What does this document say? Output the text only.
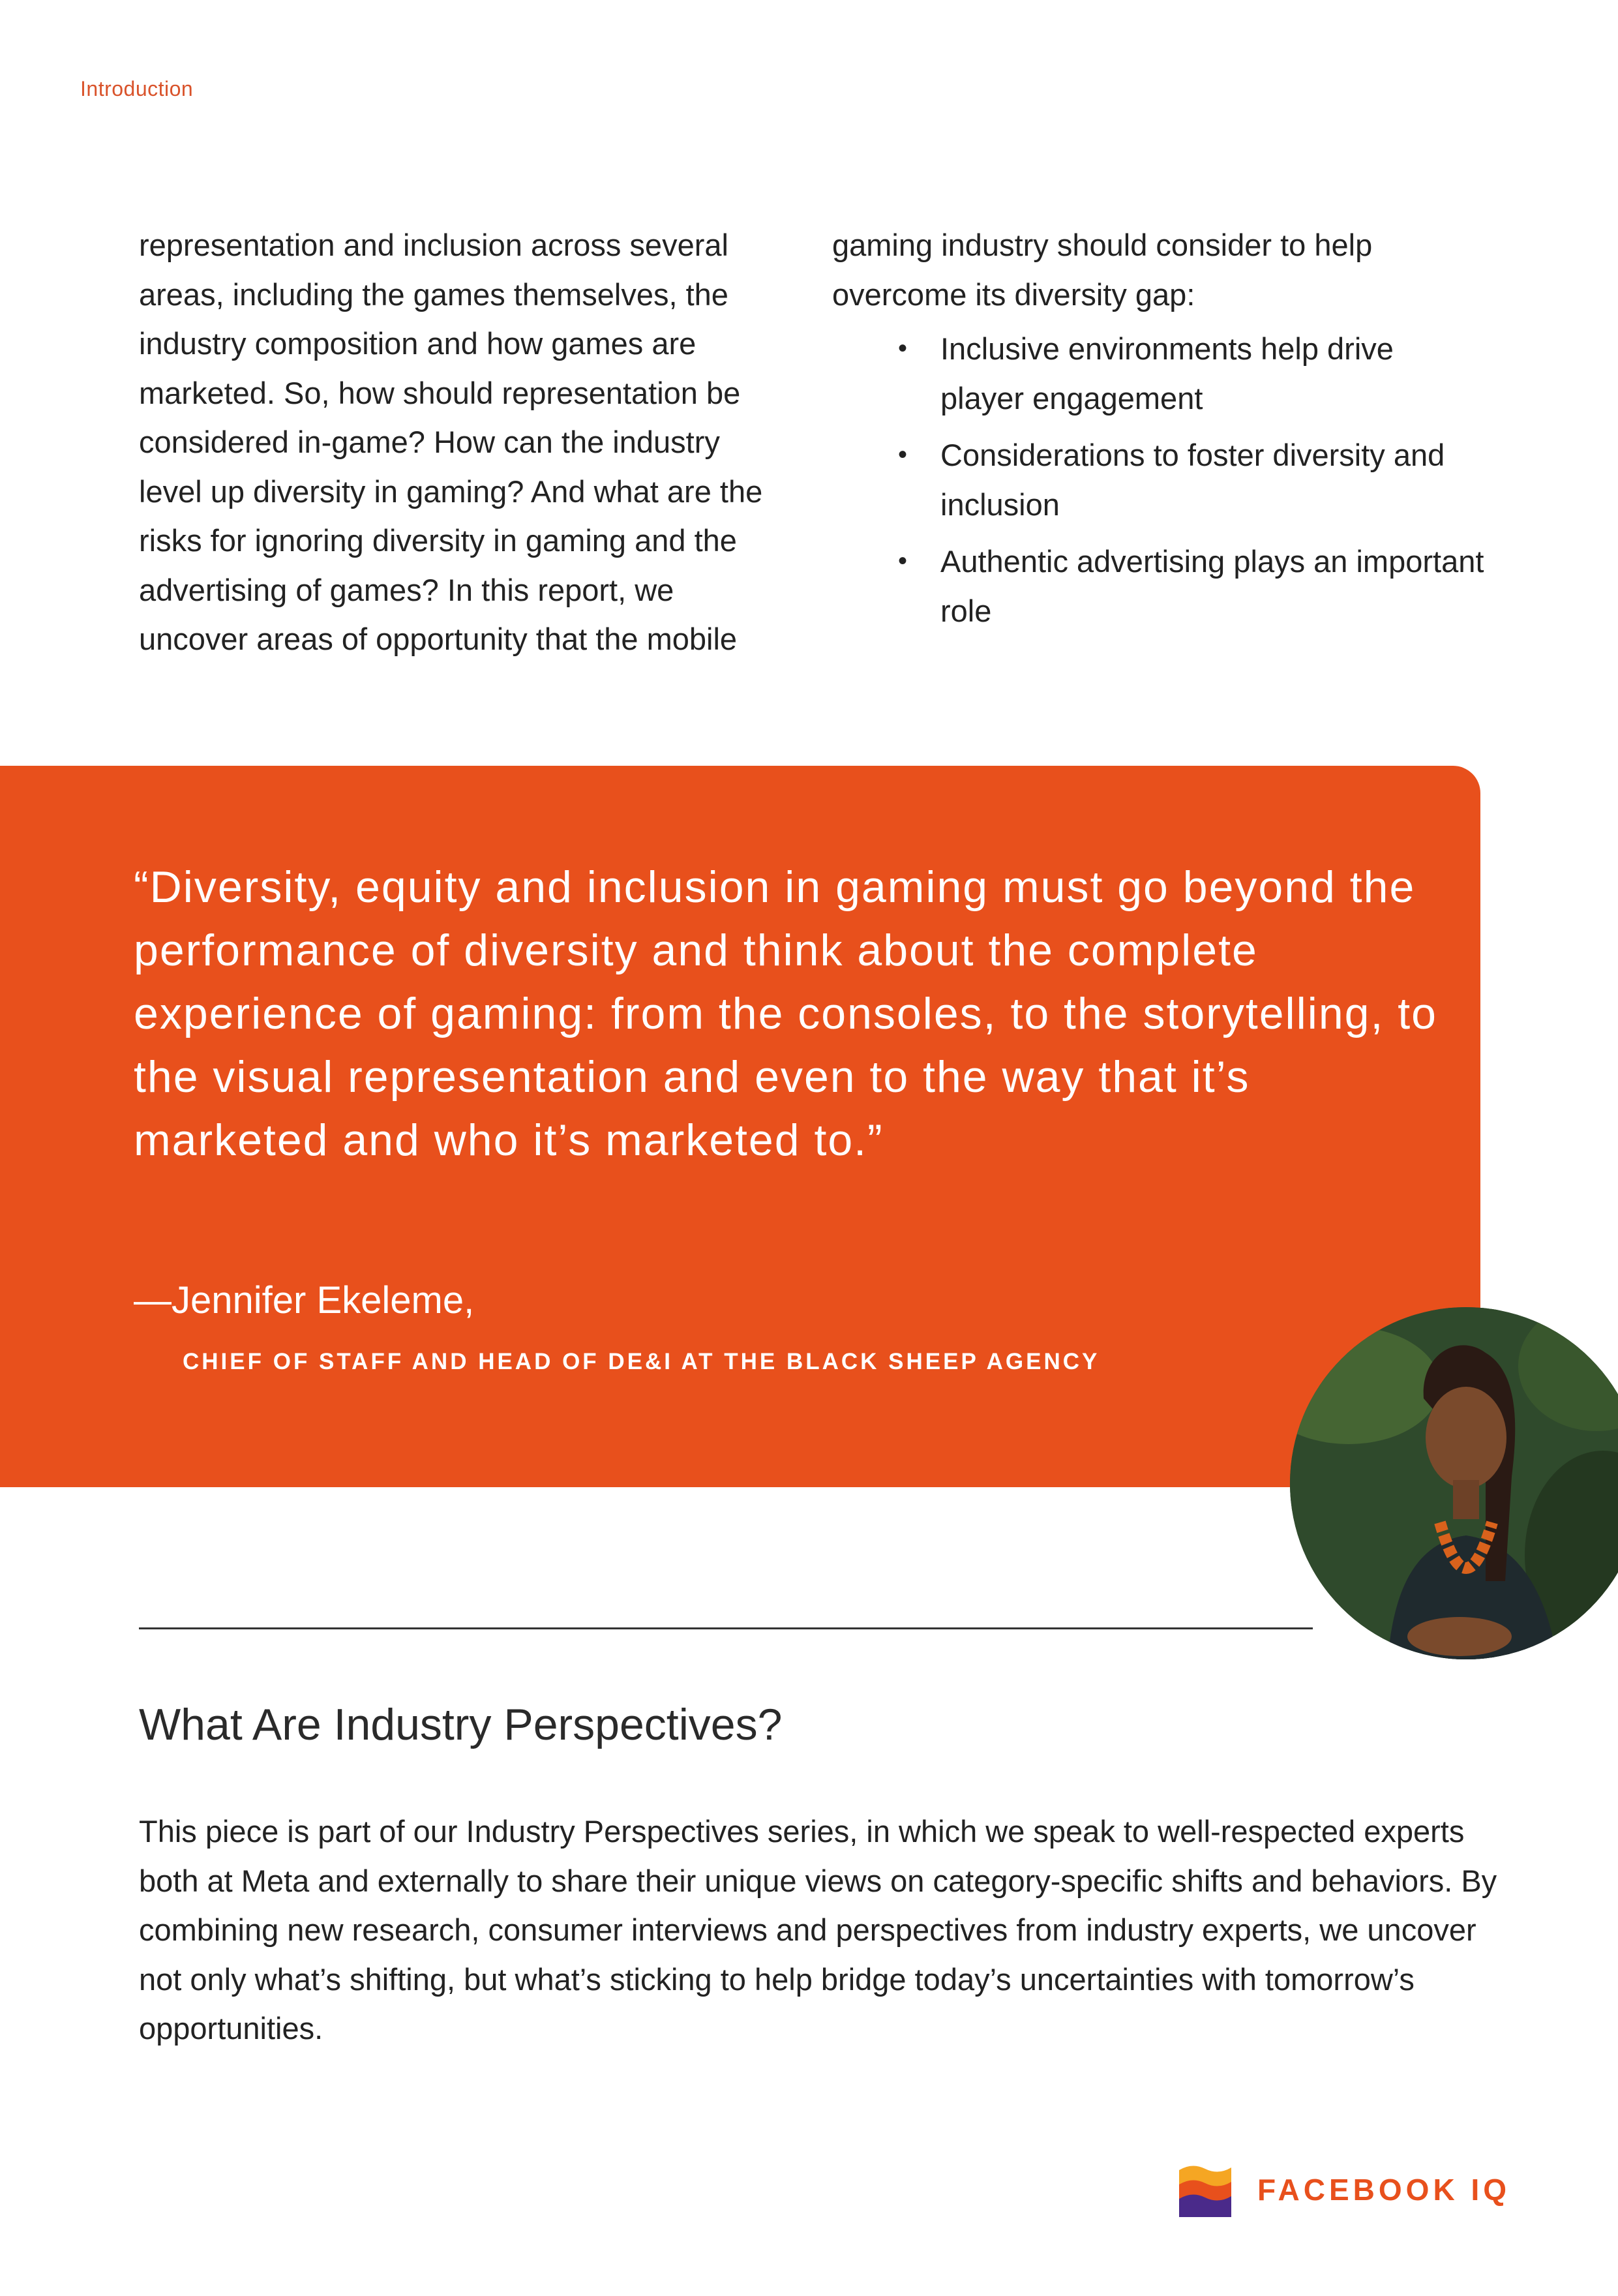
Introduction

representation and inclusion across several areas, including the games themselves, the industry composition and how games are marketed. So, how should representation be considered in-game? How can the industry level up diversity in gaming? And what are the risks for ignoring diversity in gaming and the advertising of games? In this report, we uncover areas of opportunity that the mobile

gaming industry should consider to help overcome its diversity gap:

• Inclusive environments help drive player engagement
• Considerations to foster diversity and inclusion
• Authentic advertising plays an important role

“Diversity, equity and inclusion in gaming must go beyond the performance of diversity and think about the complete experience of gaming: from the consoles, to the storytelling, to the visual representation and even to the way that it’s marketed and who it’s marketed to.”

—Jennifer Ekeleme,

CHIEF OF STAFF AND HEAD OF DE&I AT THE BLACK SHEEP AGENCY

What Are Industry Perspectives?

This piece is part of our Industry Perspectives series, in which we speak to well-respected experts both at Meta and externally to share their unique views on category-specific shifts and behaviors. By combining new research, consumer interviews and perspectives from industry experts, we uncover not only what’s shifting, but what’s sticking to help bridge today’s uncertainties with tomorrow’s opportunities.

FACEBOOK IQ
